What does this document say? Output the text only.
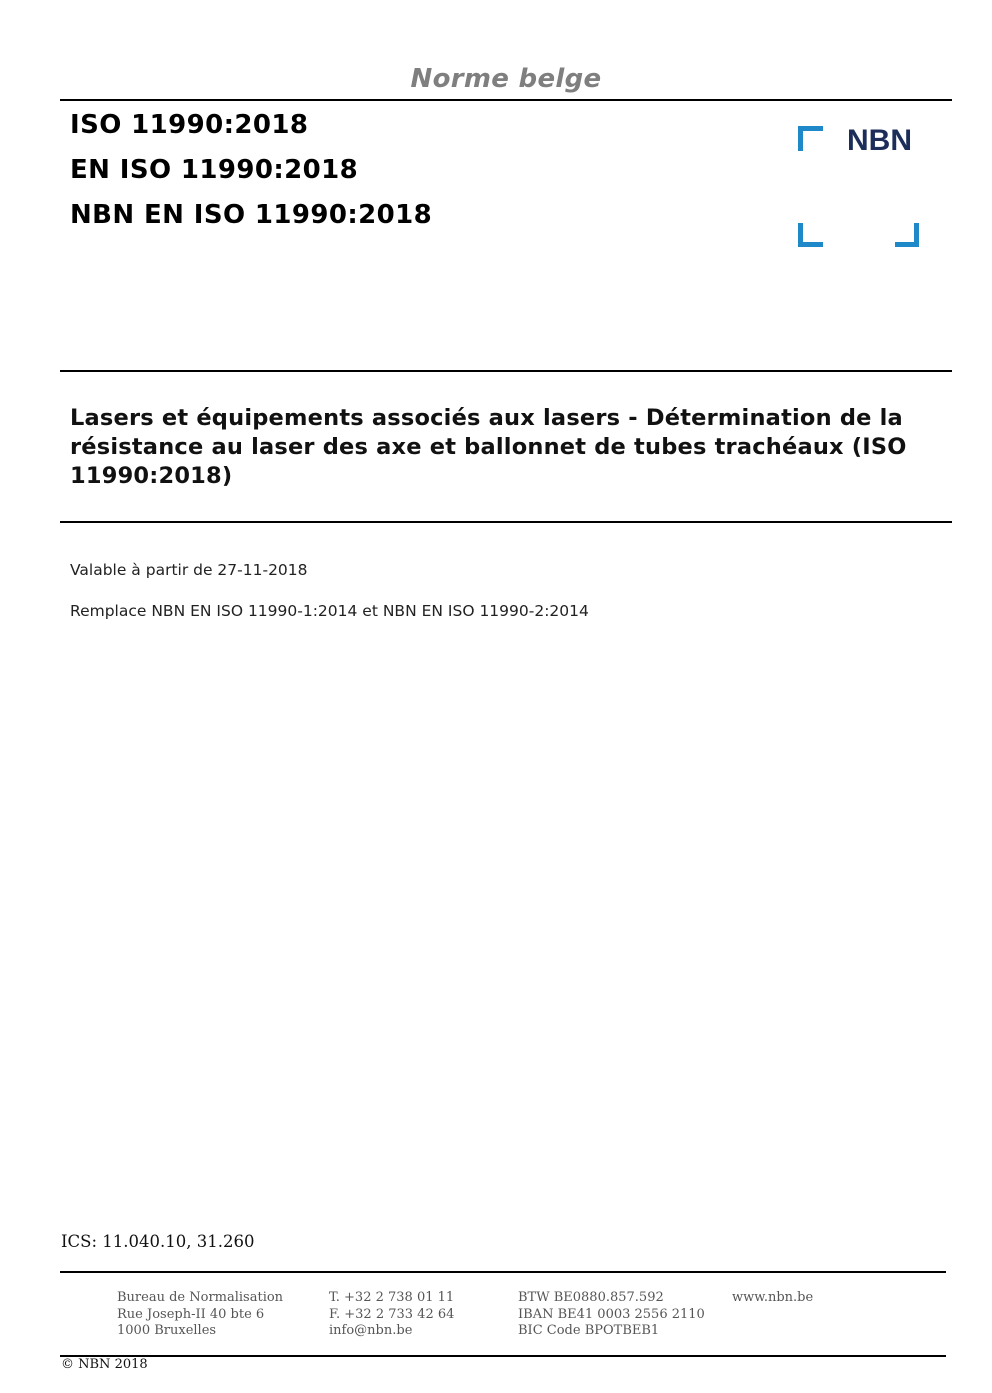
Norme belge
ISO 11990:2018
EN ISO 11990:2018
NBN EN ISO 11990:2018
NBN
Lasers et équipements associés aux lasers - Détermination de la résistance au laser des axe et ballonnet de tubes trachéaux (ISO 11990:2018)
Valable à partir de 27-11-2018
Remplace NBN EN ISO 11990-1:2014 et NBN EN ISO 11990-2:2014
ICS: 11.040.10, 31.260
Bureau de Normalisation
Rue Joseph-II 40 bte 6
1000 Bruxelles
T. +32 2 738 01 11
F. +32 2 733 42 64
info@nbn.be
BTW BE0880.857.592
IBAN BE41 0003 2556 2110
BIC Code BPOTBEB1
www.nbn.be
© NBN 2018
